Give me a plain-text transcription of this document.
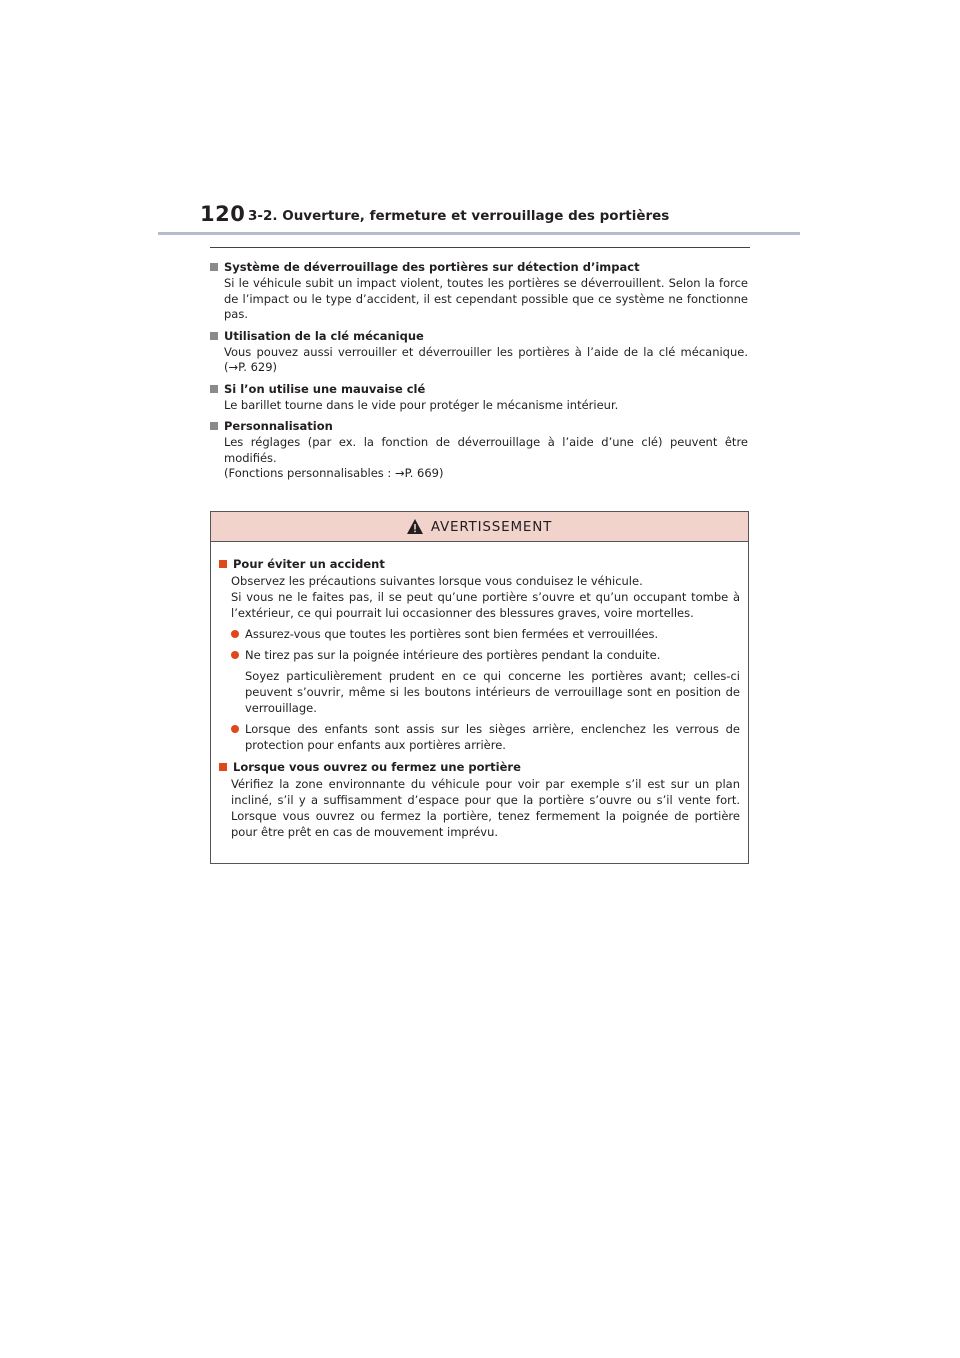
120 3-2. Ouverture, fermeture et verrouillage des portières
Système de déverrouillage des portières sur détection d’impact
Si le véhicule subit un impact violent, toutes les portières se déverrouillent. Selon la force de l’impact ou le type d’accident, il est cependant possible que ce système ne fonctionne pas.
Utilisation de la clé mécanique
Vous pouvez aussi verrouiller et déverrouiller les portières à l’aide de la clé mécanique. (→P. 629)
Si l’on utilise une mauvaise clé
Le barillet tourne dans le vide pour protéger le mécanisme intérieur.
Personnalisation
Les réglages (par ex. la fonction de déverrouillage à l’aide d’une clé) peuvent être modifiés.
(Fonctions personnalisables : →P. 669)
AVERTISSEMENT
Pour éviter un accident
Observez les précautions suivantes lorsque vous conduisez le véhicule.
Si vous ne le faites pas, il se peut qu’une portière s’ouvre et qu’un occupant tombe à l’extérieur, ce qui pourrait lui occasionner des blessures graves, voire mortelles.
Assurez-vous que toutes les portières sont bien fermées et verrouillées.
Ne tirez pas sur la poignée intérieure des portières pendant la conduite.
Soyez particulièrement prudent en ce qui concerne les portières avant; celles-ci peuvent s’ouvrir, même si les boutons intérieurs de verrouillage sont en position de verrouillage.
Lorsque des enfants sont assis sur les sièges arrière, enclenchez les verrous de protection pour enfants aux portières arrière.
Lorsque vous ouvrez ou fermez une portière
Vérifiez la zone environnante du véhicule pour voir par exemple s’il est sur un plan incliné, s’il y a suffisamment d’espace pour que la portière s’ouvre ou s’il vente fort. Lorsque vous ouvrez ou fermez la portière, tenez fermement la poignée de portière pour être prêt en cas de mouvement imprévu.
